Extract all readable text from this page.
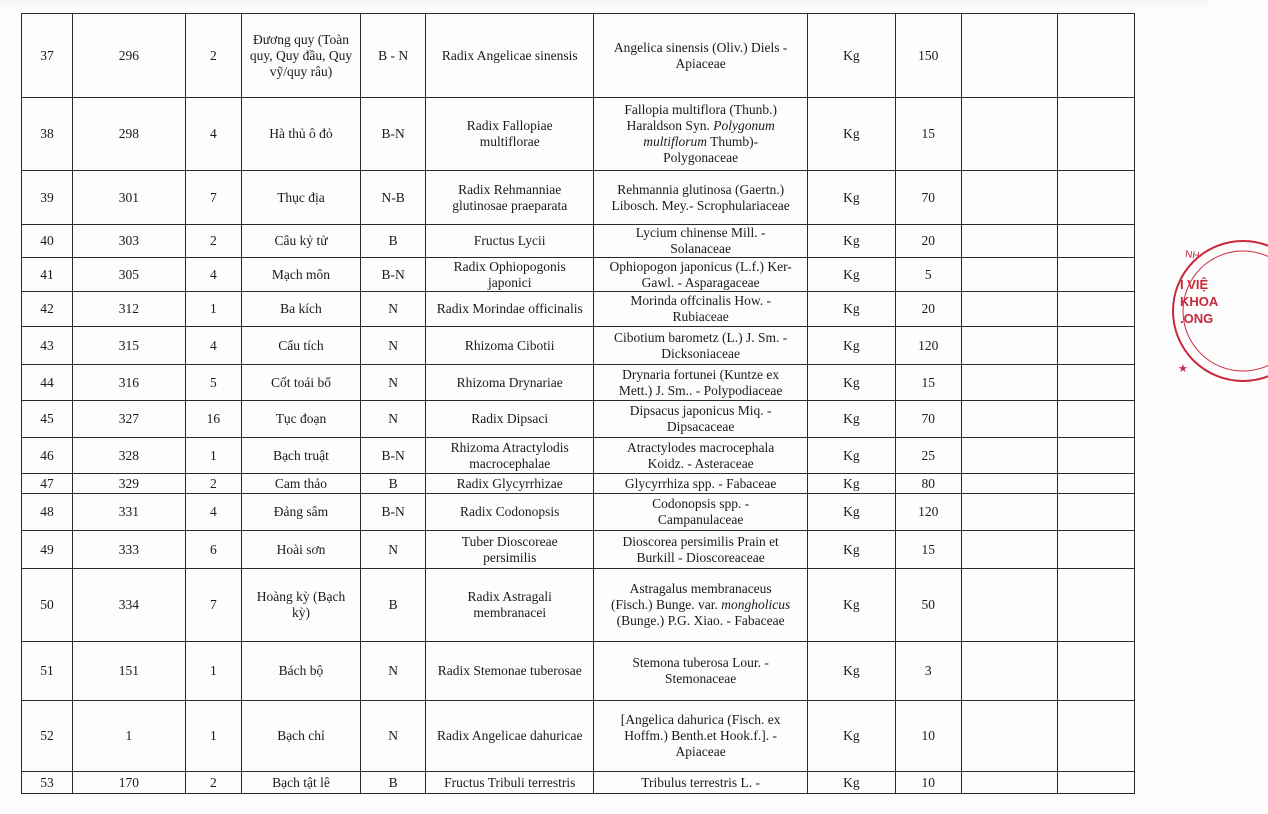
37	296	2	Đương quy (Toàn
quy, Quy đầu, Quy
vỹ/quy râu)	B - N	Radix Angelicae sinensis	Angelica sinensis (Oliv.) Diels -
Apiaceae	Kg	150		
38	298	4	Hà thủ ô đỏ	B-N	Radix Fallopiae
multiflorae	Fallopia multiflora (Thunb.)
Haraldson Syn. Polygonum
multiflorum Thumb)-
Polygonaceae	Kg	15		
39	301	7	Thục địa	N-B	Radix Rehmanniae
glutinosae praeparata	Rehmannia glutinosa (Gaertn.)
Libosch. Mey.- Scrophulariaceae	Kg	70		
40	303	2	Câu kỷ tử	B	Fructus Lycii	Lycium chinense Mill. -
Solanaceae	Kg	20		
41	305	4	Mạch môn	B-N	Radix Ophiopogonis
japonici	Ophiopogon japonicus (L.f.) Ker-
Gawl. - Asparagaceae	Kg	5		
42	312	1	Ba kích	N	Radix Morindae officinalis	Morinda offcinalis How. -
Rubiaceae	Kg	20		
43	315	4	Cẩu tích	N	Rhizoma Cibotii	Cibotium barometz (L.) J. Sm. -
Dicksoniaceae	Kg	120		
44	316	5	Cốt toái bổ	N	Rhizoma Drynariae	Drynaria fortunei (Kuntze ex
Mett.) J. Sm.. - Polypodiaceae	Kg	15		
45	327	16	Tục đoạn	N	Radix Dipsaci	Dipsacus japonicus Miq. -
Dipsacaceae	Kg	70		
46	328	1	Bạch truật	B-N	Rhizoma Atractylodis
macrocephalae	Atractylodes macrocephala
Koidz. - Asteraceae	Kg	25		
47	329	2	Cam thảo	B	Radix Glycyrrhizae	Glycyrrhiza spp. - Fabaceae	Kg	80		
48	331	4	Đảng sâm	B-N	Radix Codonopsis	Codonopsis spp. -
Campanulaceae	Kg	120		
49	333	6	Hoài sơn	N	Tuber Dioscoreae
persimilis	Dioscorea persimilis Prain et
Burkill - Dioscoreaceae	Kg	15		
50	334	7	Hoàng kỳ (Bạch
kỳ)	B	Radix Astragali
membranacei	Astragalus membranaceus
(Fisch.) Bunge. var. mongholicus
(Bunge.) P.G. Xiao. - Fabaceae	Kg	50		
51	151	1	Bách bộ	N	Radix Stemonae tuberosae	Stemona tuberosa Lour. -
Stemonaceae	Kg	3		
52	1	1	Bạch chỉ	N	Radix Angelicae dahuricae	[Angelica dahurica (Fisch. ex
Hoffm.) Benth.et Hook.f.]. -
Apiaceae	Kg	10		
53	170	2	Bạch tật lê	B	Fructus Tribuli terrestris	Tribulus terrestris L. -	Kg	10		
NH
I VIỆ
KHOA
.ONG
★
